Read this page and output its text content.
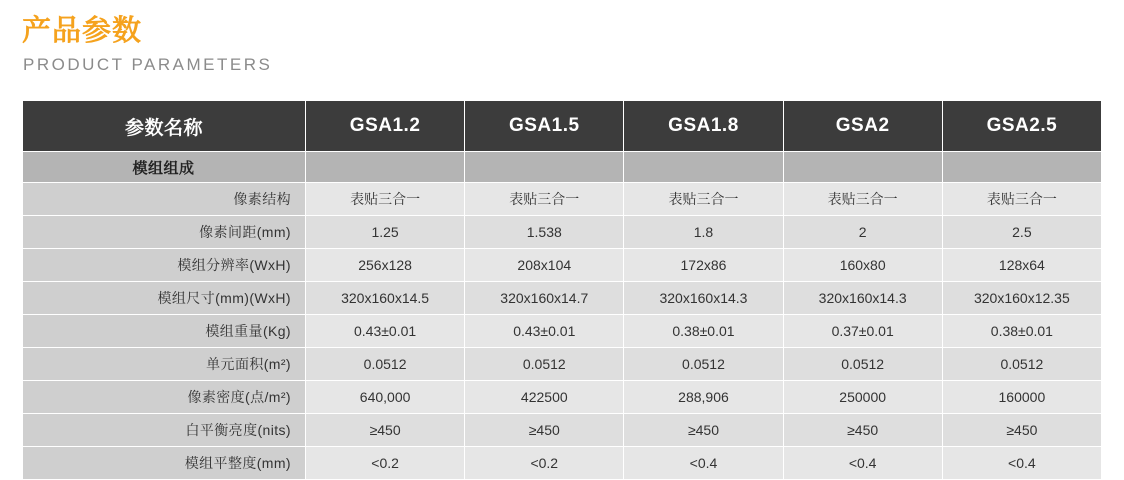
产品参数
PRODUCT PARAMETERS
参数名称	GSA1.2	GSA1.5	GSA1.8	GSA2	GSA2.5
模组组成					
像素结构	表贴三合一	表贴三合一	表贴三合一	表贴三合一	表贴三合一
像素间距(mm)	1.25	1.538	1.8	2	2.5
模组分辨率(WxH)	256x128	208x104	172x86	160x80	128x64
模组尺寸(mm)(WxH)	320x160x14.5	320x160x14.7	320x160x14.3	320x160x14.3	320x160x12.35
模组重量(Kg)	0.43±0.01	0.43±0.01	0.38±0.01	0.37±0.01	0.38±0.01
单元面积(m²)	0.0512	0.0512	0.0512	0.0512	0.0512
像素密度(点/m²)	640,000	422500	288,906	250000	160000
白平衡亮度(nits)	≥450	≥450	≥450	≥450	≥450
模组平整度(mm)	<0.2	<0.2	<0.4	<0.4	<0.4
